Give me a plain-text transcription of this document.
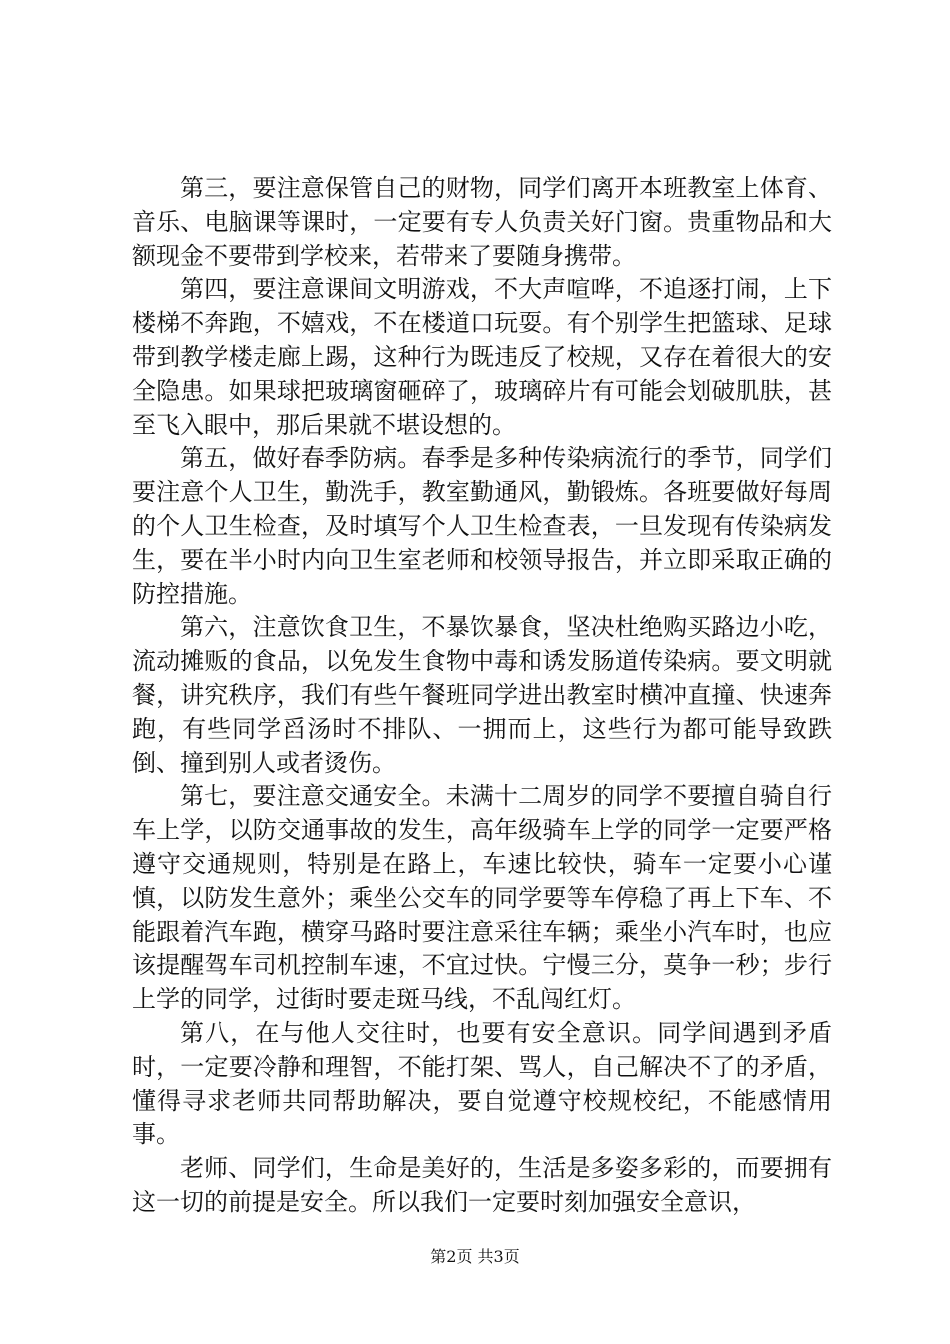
第三，要注意保管自己的财物，同学们离开本班教室上体育、音乐、电脑课等课时，一定要有专人负责关好门窗。贵重物品和大额现金不要带到学校来，若带来了要随身携带。

第四，要注意课间文明游戏，不大声喧哗，不追逐打闹，上下楼梯不奔跑，不嬉戏，不在楼道口玩耍。有个别学生把篮球、足球带到教学楼走廊上踢，这种行为既违反了校规，又存在着很大的安全隐患。如果球把玻璃窗砸碎了，玻璃碎片有可能会划破肌肤，甚至飞入眼中，那后果就不堪设想的。

第五，做好春季防病。春季是多种传染病流行的季节，同学们要注意个人卫生，勤洗手，教室勤通风，勤锻炼。各班要做好每周的个人卫生检查，及时填写个人卫生检查表，一旦发现有传染病发生，要在半小时内向卫生室老师和校领导报告，并立即采取正确的防控措施。

第六，注意饮食卫生，不暴饮暴食，坚决杜绝购买路边小吃，流动摊贩的食品，以免发生食物中毒和诱发肠道传染病。要文明就餐，讲究秩序，我们有些午餐班同学进出教室时横冲直撞、快速奔跑，有些同学舀汤时不排队、一拥而上，这些行为都可能导致跌倒、撞到别人或者烫伤。

第七，要注意交通安全。未满十二周岁的同学不要擅自骑自行车上学，以防交通事故的发生，高年级骑车上学的同学一定要严格遵守交通规则，特别是在路上，车速比较快，骑车一定要小心谨慎，以防发生意外；乘坐公交车的同学要等车停稳了再上下车、不能跟着汽车跑，横穿马路时要注意采往车辆；乘坐小汽车时，也应该提醒驾车司机控制车速，不宜过快。宁慢三分，莫争一秒；步行上学的同学，过街时要走斑马线，不乱闯红灯。

第八，在与他人交往时，也要有安全意识。同学间遇到矛盾时，一定要冷静和理智，不能打架、骂人，自己解决不了的矛盾，懂得寻求老师共同帮助解决，要自觉遵守校规校纪，不能感情用事。

老师、同学们，生命是美好的，生活是多姿多彩的，而要拥有这一切的前提是安全。所以我们一定要时刻加强安全意识，

第2页 共3页
